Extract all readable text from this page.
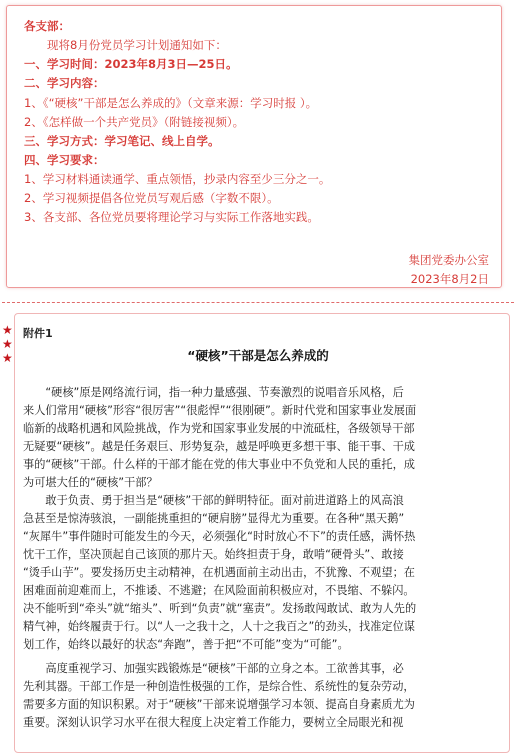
各支部：
现将8月份党员学习计划通知如下：
一、学习时间：2023年8月3日—25日。
二、学习内容：
1、《“硬核”干部是怎么养成的》（文章来源：学习时报 ）。
2、《怎样做一个共产党员》（附链接视频）。
三、学习方式：学习笔记、线上自学。
四、学习要求：
1、学习材料通读通学、重点领悟，抄录内容至少三分之一。
2、学习视频提倡各位党员写观后感（字数不限）。
3、各支部、各位党员要将理论学习与实际工作落地实践。
集团党委办公室
2023年8月2日
★
★
★
附件1
“硬核”干部是怎么养成的
　　“硬核”原是网络流行词，指一种力量感强、节奏激烈的说唱音乐风格，后
来人们常用“硬核”形容“很厉害”“很彪悍”“很刚硬”。新时代党和国家事业发展面
临新的战略机遇和风险挑战，作为党和国家事业发展的中流砥柱，各级领导干部
无疑要“硬核”。越是任务艰巨、形势复杂，越是呼唤更多想干事、能干事、干成
事的“硬核”干部。什么样的干部才能在党的伟大事业中不负党和人民的重托，成
为可堪大任的“硬核”干部？
　　敢于负责、勇于担当是“硬核”干部的鲜明特征。面对前进道路上的风高浪
急甚至是惊涛骇浪，一副能挑重担的“硬肩膀”显得尤为重要。在各种“黑天鹅”
“灰犀牛”事件随时可能发生的今天，必须强化“时时放心不下”的责任感，满怀热
忱干工作，坚决顶起自己该顶的那片天。始终担责于身，敢啃“硬骨头”、敢接
“烫手山芋”。要发扬历史主动精神，在机遇面前主动出击，不犹豫、不观望；在
困难面前迎难而上，不推诿、不逃避；在风险面前积极应对，不畏缩、不躲闪。
决不能听到“牵头”就“缩头”、听到“负责”就“塞责”。发扬敢闯敢试、敢为人先的
精气神，始终履责于行。以“人一之我十之，人十之我百之”的劲头，找准定位谋
划工作，始终以最好的状态“奔跑”，善于把“不可能”变为“可能”。
　　高度重视学习、加强实践锻炼是“硬核”干部的立身之本。工欲善其事，必
先利其器。干部工作是一种创造性极强的工作，是综合性、系统性的复杂劳动，
需要多方面的知识积累。对于“硬核”干部来说增强学习本领、提高自身素质尤为
重要。深刻认识学习水平在很大程度上决定着工作能力，要树立全局眼光和视
